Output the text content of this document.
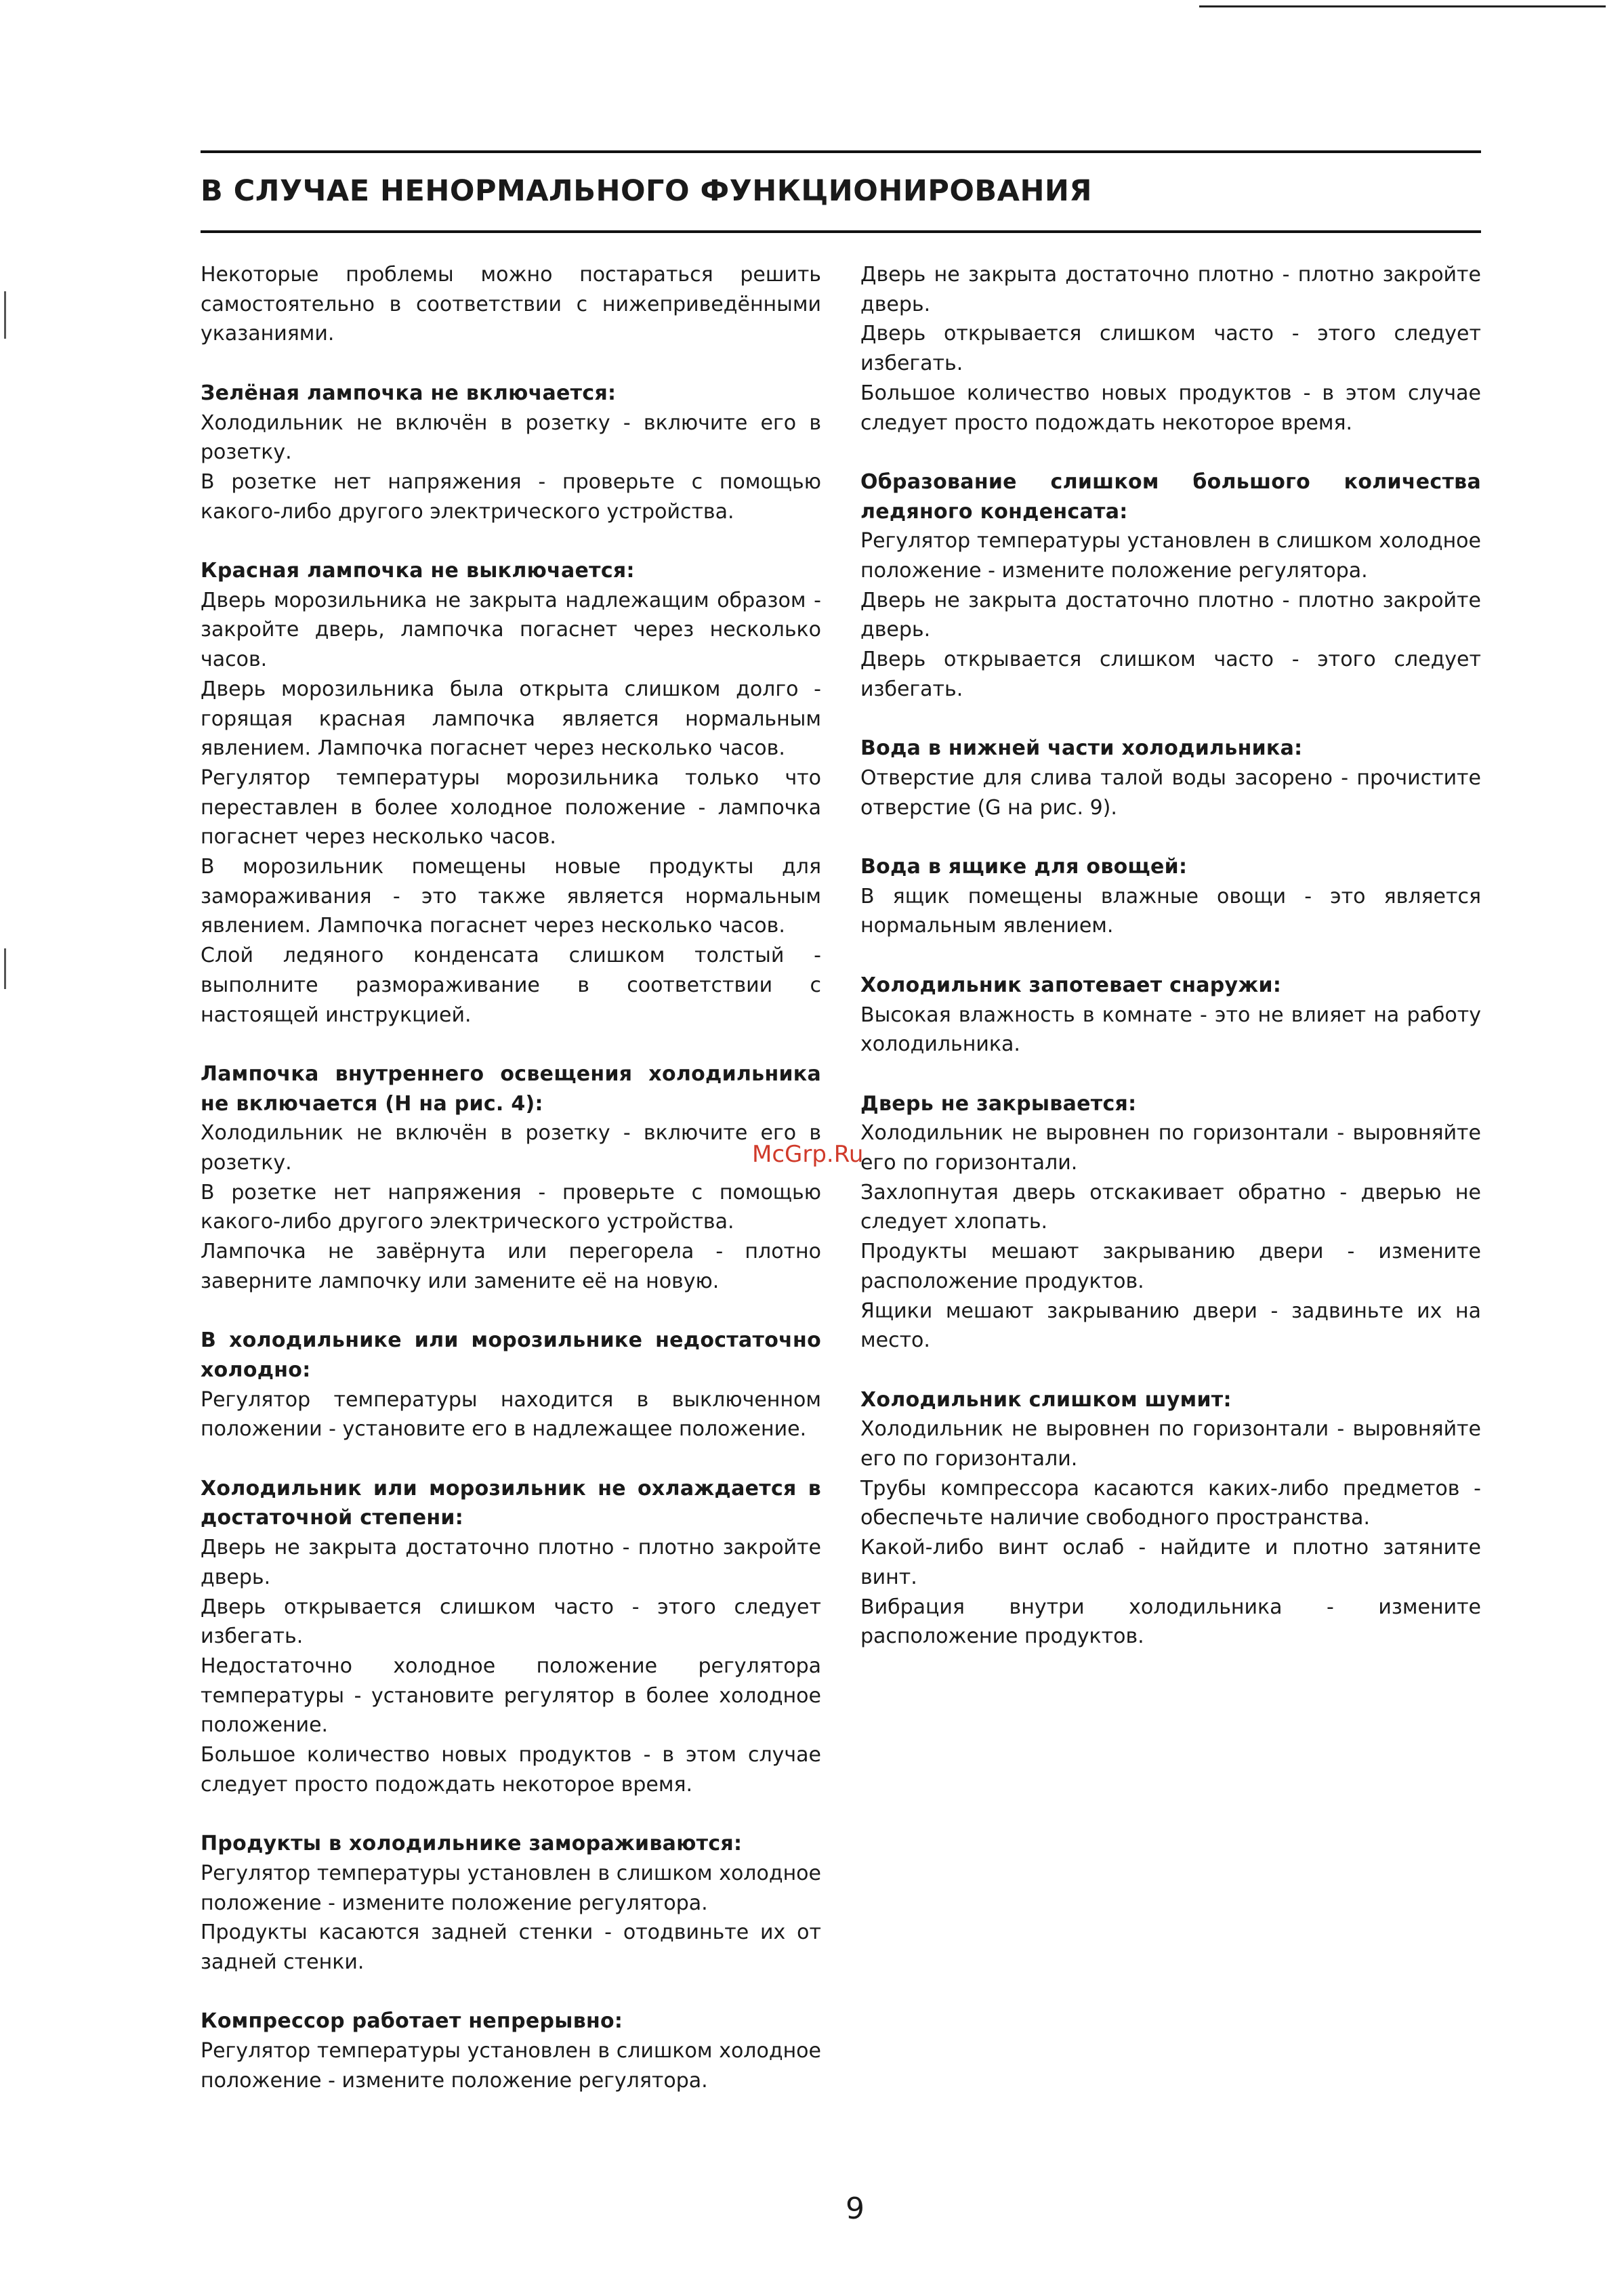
В СЛУЧАЕ НЕНОРМАЛЬНОГО ФУНКЦИОНИРОВАНИЯ

Некоторые проблемы можно постараться решить самостоятельно в соответствии с нижеприведёнными указаниями.

Зелёная лампочка не включается:

Холодильник не включён в розетку - включите его в розетку.

В розетке нет напряжения - проверьте с помощью какого-либо другого электрического устройства.

Красная лампочка не выключается:

Дверь морозильника не закрыта надлежащим образом - закройте дверь, лампочка погаснет через несколько часов.

Дверь морозильника была открыта слишком долго - горящая красная лампочка является нормальным явлением. Лампочка погаснет через несколько часов.

Регулятор температуры морозильника только что переставлен в более холодное положение - лампочка погаснет через несколько часов.

В морозильник помещены новые продукты для замораживания - это также является нормальным явлением. Лампочка погаснет через несколько часов.

Слой ледяного конденсата слишком толстый - выполните размораживание в соответствии с настоящей инструкцией.

Лампочка внутреннего освещения холодильника не включается (Н на рис. 4):

Холодильник не включён в розетку - включите его в розетку.

В розетке нет напряжения - проверьте с помощью какого-либо другого электрического устройства.

Лампочка не завёрнута или перегорела - плотно заверните лампочку или замените её на новую.

В холодильнике или морозильнике недостаточно холодно:

Регулятор температуры находится в выключенном положении - установите его в надлежащее положение.

Холодильник или морозильник не охлаждается в достаточной степени:

Дверь не закрыта достаточно плотно - плотно закройте дверь.

Дверь открывается слишком часто - этого следует избегать.

Недостаточно холодное положение регулятора температуры - установите регулятор в более холодное положение.

Большое количество новых продуктов - в этом случае следует просто подождать некоторое время.

Продукты в холодильнике замораживаются:

Регулятор температуры установлен в слишком холодное положение - измените положение регулятора.

Продукты касаются задней стенки - отодвиньте их от задней стенки.

Компрессор работает непрерывно:

Регулятор температуры установлен в слишком холодное положение - измените положение регулятора.

Дверь не закрыта достаточно плотно - плотно закройте дверь.

Дверь открывается слишком часто - этого следует избегать.

Большое количество новых продуктов - в этом случае следует просто подождать некоторое время.

Образование слишком большого количества ледяного конденсата:

Регулятор температуры установлен в слишком холодное положение - измените положение регулятора.

Дверь не закрыта достаточно плотно - плотно закройте дверь.

Дверь открывается слишком часто - этого следует избегать.

Вода в нижней части холодильника:

Отверстие для слива талой воды засорено - прочистите отверстие (G на рис. 9).

Вода в ящике для овощей:

В ящик помещены влажные овощи - это является нормальным явлением.

Холодильник запотевает снаружи:

Высокая влажность в комнате - это не влияет на работу холодильника.

Дверь не закрывается:

Холодильник не выровнен по горизонтали - выровняйте его по горизонтали.

Захлопнутая дверь отскакивает обратно - дверью не следует хлопать.

Продукты мешают закрыванию двери - измените расположение продуктов.

Ящики мешают закрыванию двери - задвиньте их на место.

Холодильник слишком шумит:

Холодильник не выровнен по горизонтали - выровняйте его по горизонтали.

Трубы компрессора касаются каких-либо предметов - обеспечьте наличие свободного пространства.

Какой-либо винт ослаб - найдите и плотно затяните винт.

Вибрация внутри холодильника - измените расположение продуктов.

McGrp.Ru
9
